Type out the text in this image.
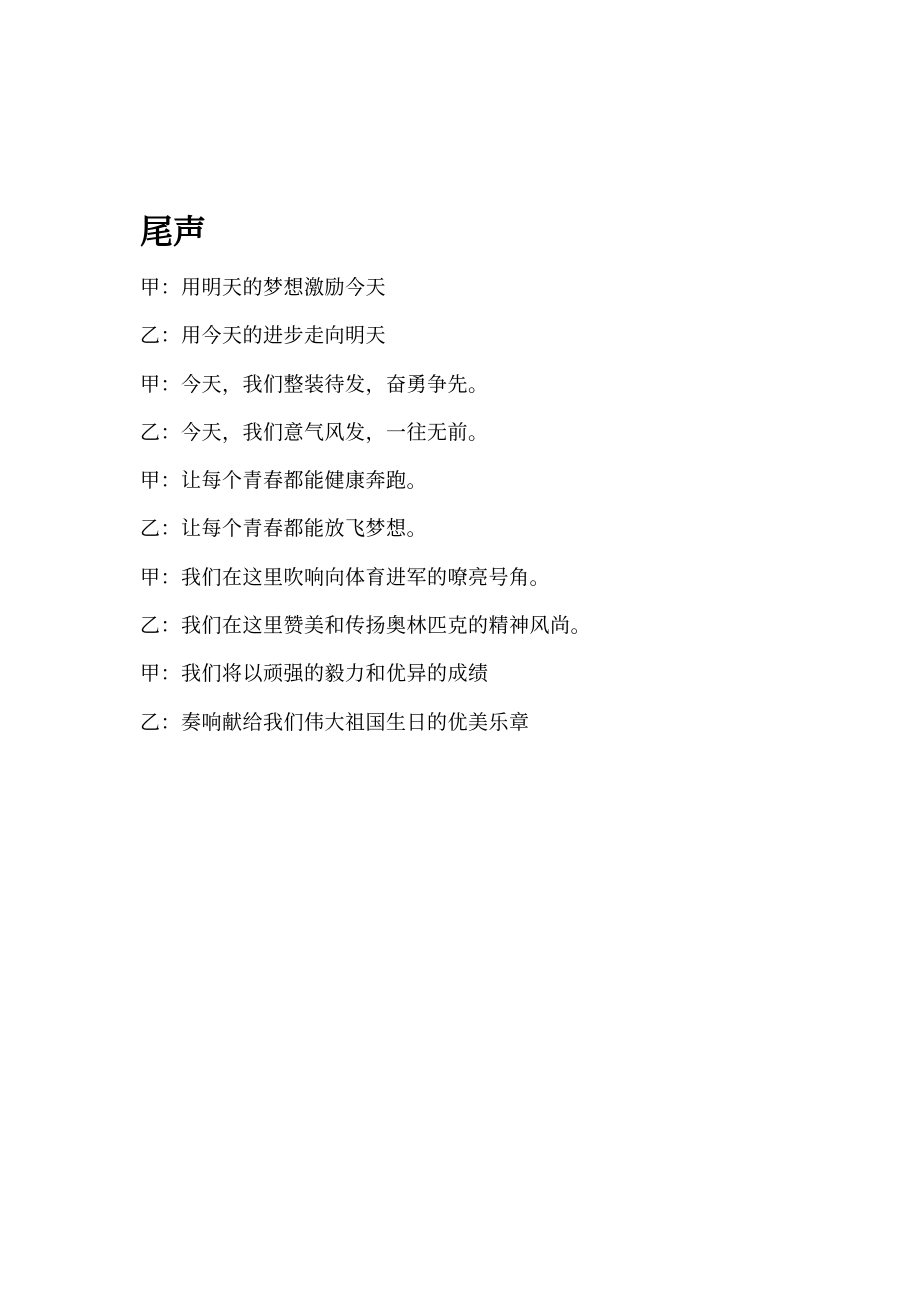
尾声
甲：用明天的梦想激励今天
乙：用今天的进步走向明天
甲：今天，我们整装待发，奋勇争先。
乙：今天，我们意气风发，一往无前。
甲：让每个青春都能健康奔跑。
乙：让每个青春都能放飞梦想。
甲：我们在这里吹响向体育进军的嘹亮号角。
乙：我们在这里赞美和传扬奥林匹克的精神风尚。
甲：我们将以顽强的毅力和优异的成绩
乙：奏响献给我们伟大祖国生日的优美乐章
